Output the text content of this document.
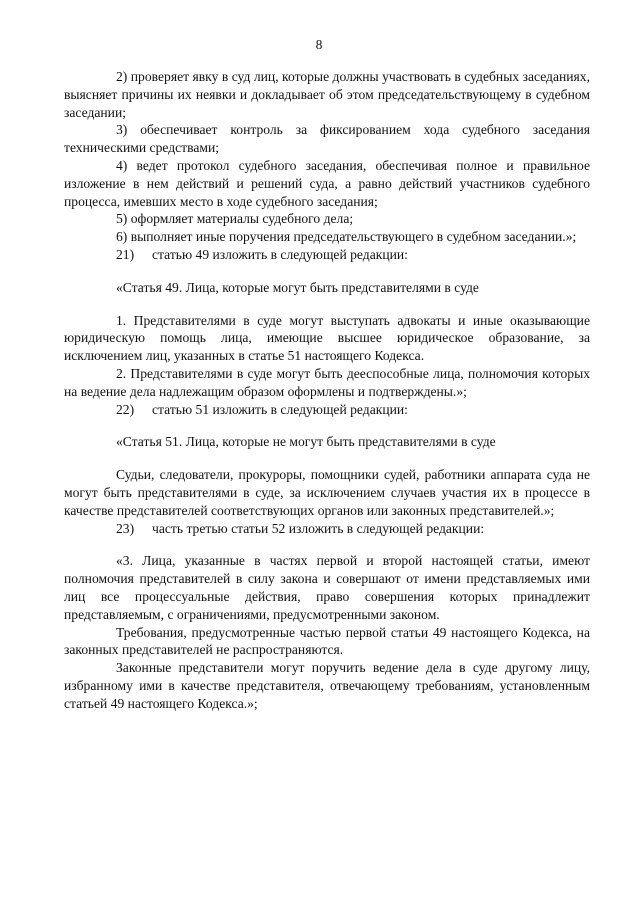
8

2) проверяет явку в суд лиц, которые должны участвовать в судебных заседаниях, выясняет причины их неявки и докладывает об этом председательствующему в судебном заседании;

3) обеспечивает контроль за фиксированием хода судебного заседания техническими средствами;

4) ведет протокол судебного заседания, обеспечивая полное и правильное изложение в нем действий и решений суда, а равно действий участников судебного процесса, имевших место в ходе судебного заседания;

5) оформляет материалы судебного дела;

6) выполняет иные поручения председательствующего в судебном заседании.»;

21) статью 49 изложить в следующей редакции:

«Статья 49. Лица, которые могут быть представителями в суде

1. Представителями в суде могут выступать адвокаты и иные оказывающие юридическую помощь лица, имеющие высшее юридическое образование, за исключением лиц, указанных в статье 51 настоящего Кодекса.

2. Представителями в суде могут быть дееспособные лица, полномочия которых на ведение дела надлежащим образом оформлены и подтверждены.»;

22) статью 51 изложить в следующей редакции:

«Статья 51. Лица, которые не могут быть представителями в суде

Судьи, следователи, прокуроры, помощники судей, работники аппарата суда не могут быть представителями в суде, за исключением случаев участия их в процессе в качестве представителей соответствующих органов или законных представителей.»;

23) часть третью статьи 52 изложить в следующей редакции:

«3. Лица, указанные в частях первой и второй настоящей статьи, имеют полномочия представителей в силу закона и совершают от имени представляемых ими лиц все процессуальные действия, право совершения которых принадлежит представляемым, с ограничениями, предусмотренными законом.

Требования, предусмотренные частью первой статьи 49 настоящего Кодекса, на законных представителей не распространяются.

Законные представители могут поручить ведение дела в суде другому лицу, избранному ими в качестве представителя, отвечающему требованиям, установленным статьей 49 настоящего Кодекса.»;
